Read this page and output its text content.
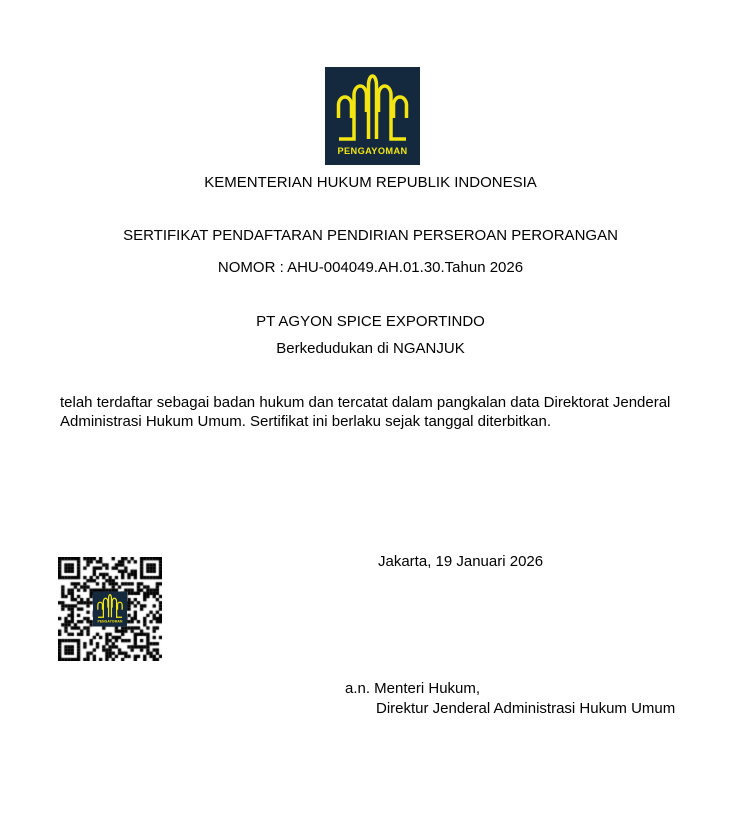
KEMENTERIAN HUKUM REPUBLIK INDONESIA
SERTIFIKAT PENDAFTARAN PENDIRIAN PERSEROAN PERORANGAN
NOMOR : AHU-004049.AH.01.30.Tahun 2026
PT AGYON SPICE EXPORTINDO
Berkedudukan di NGANJUK

telah terdaftar sebagai badan hukum dan tercatat dalam pangkalan data Direktorat Jenderal Administrasi Hukum Umum. Sertifikat ini berlaku sejak tanggal diterbitkan.

Jakarta, 19 Januari 2026
a.n. Menteri Hukum,
Direktur Jenderal Administrasi Hukum Umum
